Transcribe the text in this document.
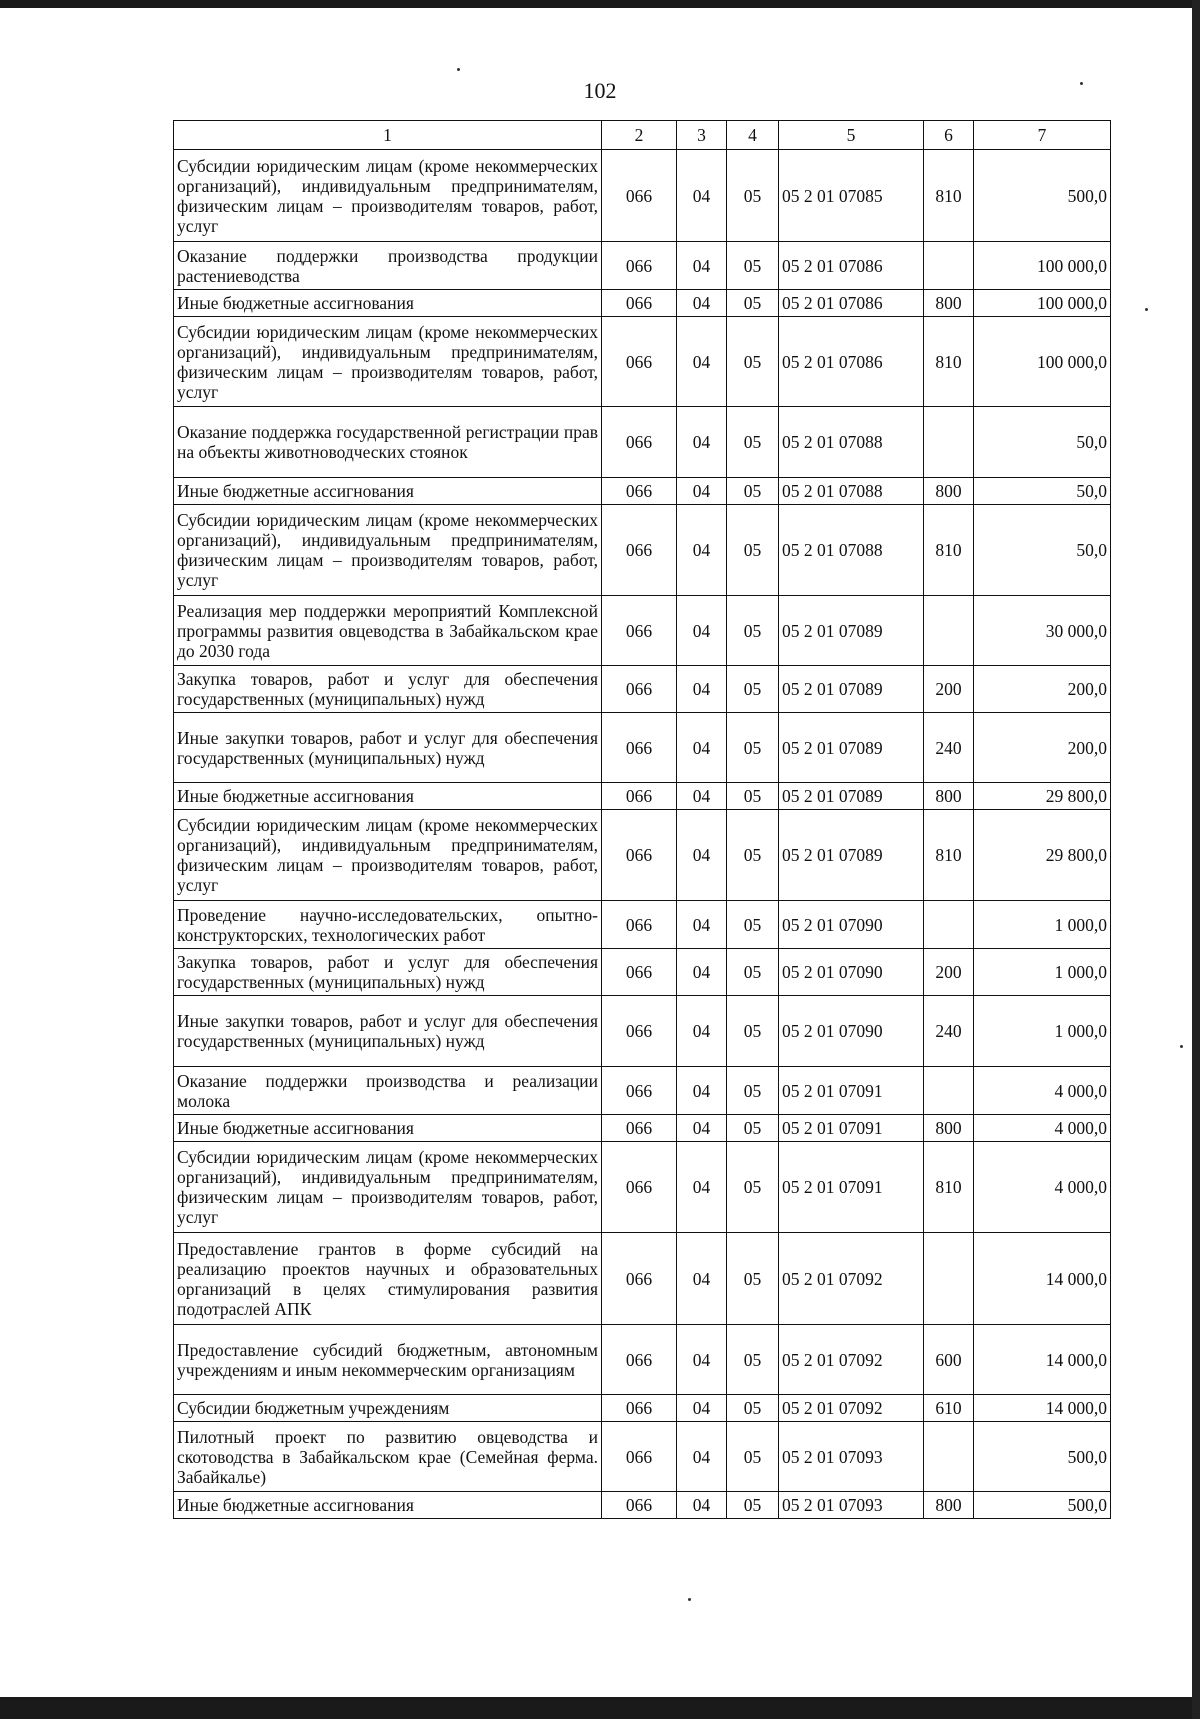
102
1	2	3	4	5	6	7
Субсидии юридическим лицам (кроме некоммерческих организаций), индивидуальным предпринимателям, физическим лицам – производителям товаров, работ, услуг	066	04	05	05 2 01 07085	810	500,0
Оказание поддержки производства продукции растениеводства	066	04	05	05 2 01 07086		100 000,0
Иные бюджетные ассигнования	066	04	05	05 2 01 07086	800	100 000,0
Субсидии юридическим лицам (кроме некоммерческих организаций), индивидуальным предпринимателям, физическим лицам – производителям товаров, работ, услуг	066	04	05	05 2 01 07086	810	100 000,0
Оказание поддержка государственной регистрации прав на объекты животноводческих стоянок	066	04	05	05 2 01 07088		50,0
Иные бюджетные ассигнования	066	04	05	05 2 01 07088	800	50,0
Субсидии юридическим лицам (кроме некоммерческих организаций), индивидуальным предпринимателям, физическим лицам – производителям товаров, работ, услуг	066	04	05	05 2 01 07088	810	50,0
Реализация мер поддержки мероприятий Комплексной программы развития овцеводства в Забайкальском крае до 2030 года	066	04	05	05 2 01 07089		30 000,0
Закупка товаров, работ и услуг для обеспечения государственных (муниципальных) нужд	066	04	05	05 2 01 07089	200	200,0
Иные закупки товаров, работ и услуг для обеспечения государственных (муниципальных) нужд	066	04	05	05 2 01 07089	240	200,0
Иные бюджетные ассигнования	066	04	05	05 2 01 07089	800	29 800,0
Субсидии юридическим лицам (кроме некоммерческих организаций), индивидуальным предпринимателям, физическим лицам – производителям товаров, работ, услуг	066	04	05	05 2 01 07089	810	29 800,0
Проведение научно-исследовательских, опытно-конструкторских, технологических работ	066	04	05	05 2 01 07090		1 000,0
Закупка товаров, работ и услуг для обеспечения государственных (муниципальных) нужд	066	04	05	05 2 01 07090	200	1 000,0
Иные закупки товаров, работ и услуг для обеспечения государственных (муниципальных) нужд	066	04	05	05 2 01 07090	240	1 000,0
Оказание поддержки производства и реализации молока	066	04	05	05 2 01 07091		4 000,0
Иные бюджетные ассигнования	066	04	05	05 2 01 07091	800	4 000,0
Субсидии юридическим лицам (кроме некоммерческих организаций), индивидуальным предпринимателям, физическим лицам – производителям товаров, работ, услуг	066	04	05	05 2 01 07091	810	4 000,0
Предоставление грантов в форме субсидий на реализацию проектов научных и образовательных организаций в целях стимулирования развития подотраслей АПК	066	04	05	05 2 01 07092		14 000,0
Предоставление субсидий бюджетным, автономным учреждениям и иным некоммерческим организациям	066	04	05	05 2 01 07092	600	14 000,0
Субсидии бюджетным учреждениям	066	04	05	05 2 01 07092	610	14 000,0
Пилотный проект по развитию овцеводства и скотоводства в Забайкальском крае (Семейная ферма. Забайкалье)	066	04	05	05 2 01 07093		500,0
Иные бюджетные ассигнования	066	04	05	05 2 01 07093	800	500,0
